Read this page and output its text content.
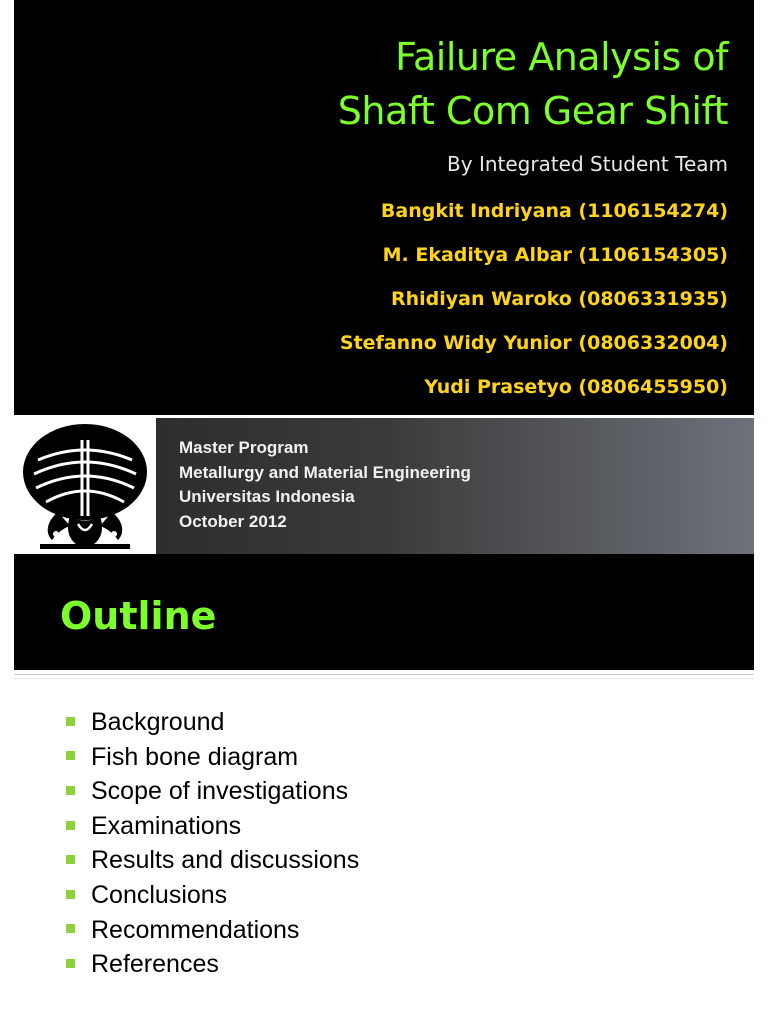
Failure Analysis of
Shaft Com Gear Shift
By Integrated Student Team
Bangkit Indriyana (1106154274)
M. Ekaditya Albar (1106154305)
Rhidiyan Waroko (0806331935)
Stefanno Widy Yunior (0806332004)
Yudi Prasetyo (0806455950)
Master Program
Metallurgy and Material Engineering
Universitas Indonesia
October 2012
Outline
Background
Fish bone diagram
Scope of investigations
Examinations
Results and discussions
Conclusions
Recommendations
References
